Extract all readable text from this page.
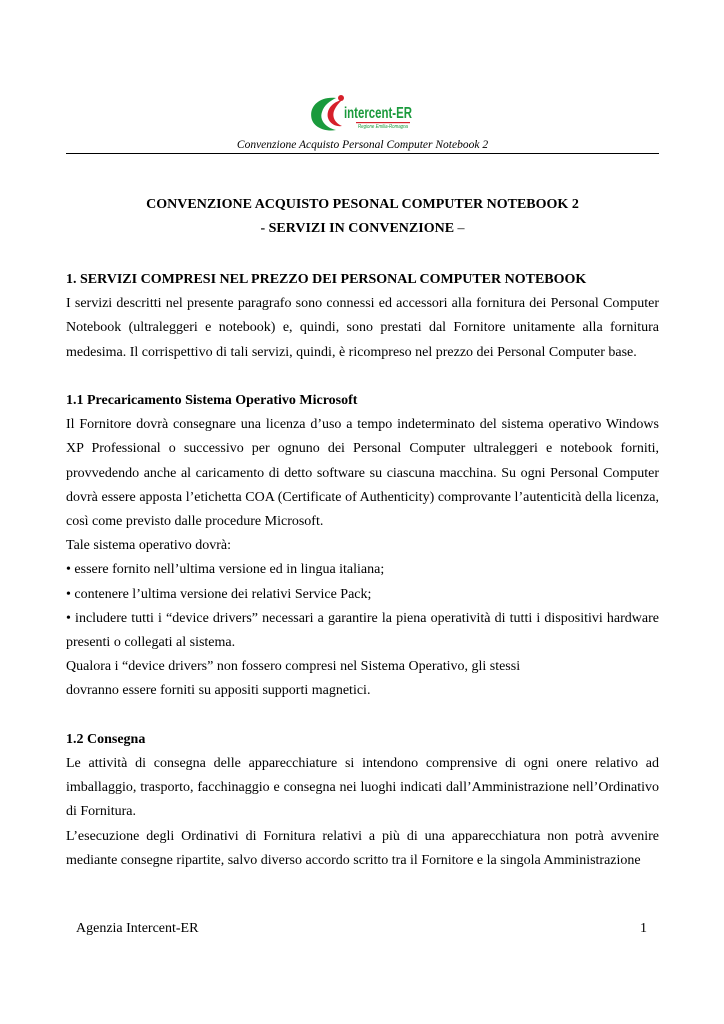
intercent-ER
Regione Emilia-Romagna
Convenzione Acquisto Personal Computer Notebook 2
CONVENZIONE ACQUISTO PESONAL COMPUTER NOTEBOOK 2
- SERVIZI IN CONVENZIONE –

1. SERVIZI COMPRESI NEL PREZZO DEI PERSONAL COMPUTER NOTEBOOK

I servizi descritti nel presente paragrafo sono connessi ed accessori alla fornitura dei Personal Computer Notebook (ultraleggeri e notebook) e, quindi, sono prestati dal Fornitore unitamente alla fornitura medesima. Il corrispettivo di tali servizi, quindi, è ricompreso nel prezzo dei Personal Computer base.

1.1 Precaricamento Sistema Operativo Microsoft

Il Fornitore dovrà consegnare una licenza d’uso a tempo indeterminato del sistema operativo Windows XP Professional o successivo per ognuno dei Personal Computer ultraleggeri e notebook forniti, provvedendo anche al caricamento di detto software su ciascuna macchina. Su ogni Personal Computer dovrà essere apposta l’etichetta COA (Certificate of Authenticity) comprovante l’autenticità della licenza, così come previsto dalle procedure Microsoft.

Tale sistema operativo dovrà:

• essere fornito nell’ultima versione ed in lingua italiana;

• contenere l’ultima versione dei relativi Service Pack;

• includere tutti i “device drivers” necessari a garantire la piena operatività di tutti i dispositivi hardware presenti o collegati al sistema.

Qualora i “device drivers” non fossero compresi nel Sistema Operativo, gli stessi

dovranno essere forniti su appositi supporti magnetici.

1.2 Consegna

Le attività di consegna delle apparecchiature si intendono comprensive di ogni onere relativo ad imballaggio, trasporto, facchinaggio e consegna nei luoghi indicati dall’Amministrazione nell’Ordinativo di Fornitura.

L’esecuzione degli Ordinativi di Fornitura relativi a più di una apparecchiatura non potrà avvenire mediante consegne ripartite, salvo diverso accordo scritto tra il Fornitore e la singola Amministrazione

Agenzia Intercent-ER	1
